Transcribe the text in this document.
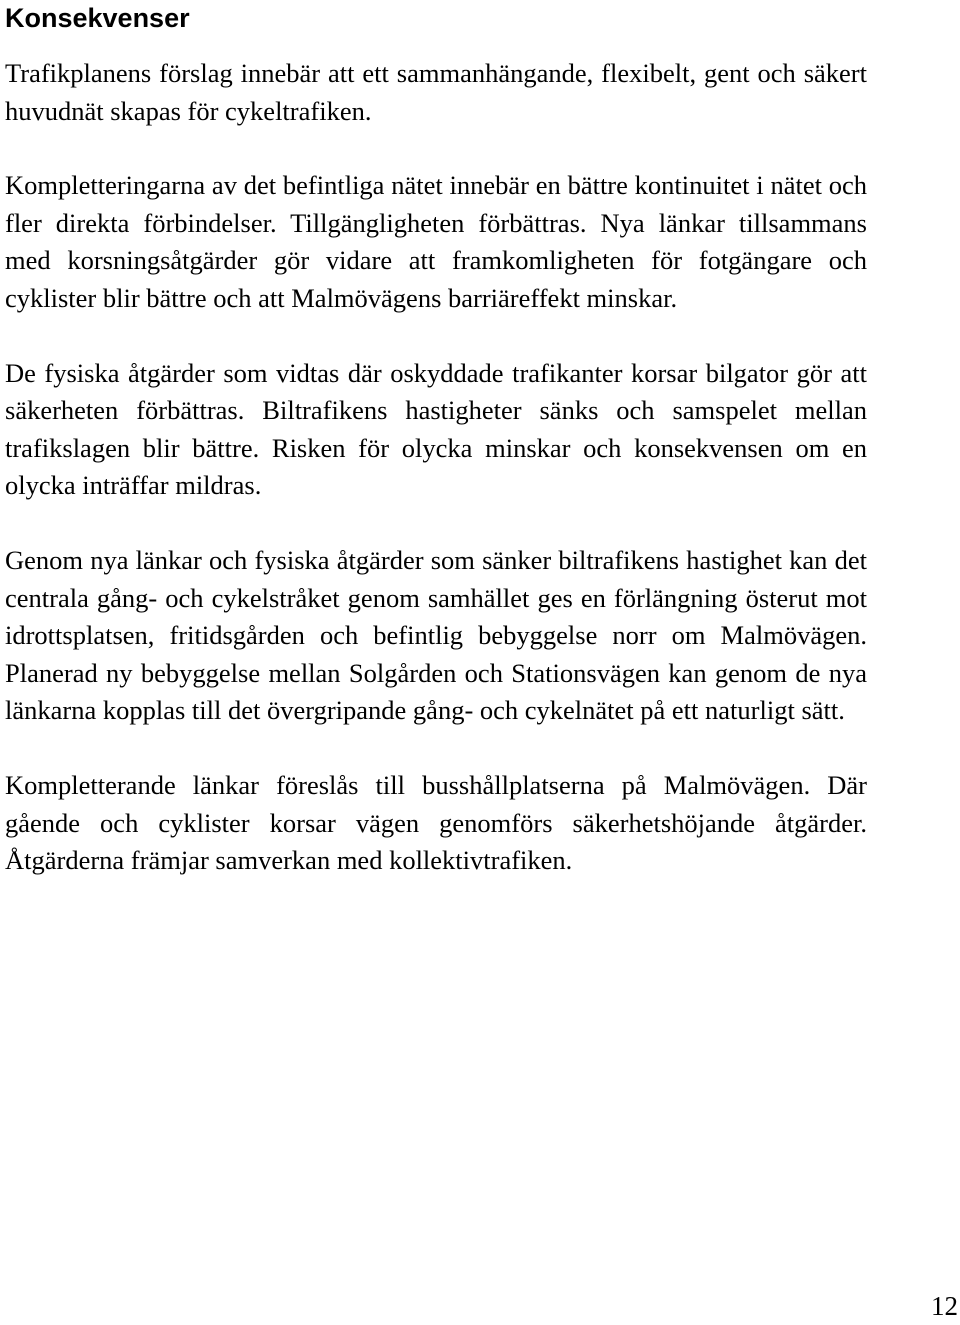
Konsekvenser

Trafikplanens förslag innebär att ett sammanhängande, flexibelt, gent och säkert huvudnät skapas för cykeltrafiken.

Kompletteringarna av det befintliga nätet innebär en bättre kontinuitet i nätet och fler direkta förbindelser. Tillgängligheten förbättras. Nya länkar tillsammans med korsningsåtgärder gör vidare att framkomligheten för fotgängare och cyklister blir bättre och att Malmövägens barriäreffekt minskar.

De fysiska åtgärder som vidtas där oskyddade trafikanter korsar bilgator gör att säkerheten förbättras. Biltrafikens hastigheter sänks och samspelet mellan trafikslagen blir bättre. Risken för olycka minskar och konsekvensen om en olycka inträffar mildras.

Genom nya länkar och fysiska åtgärder som sänker biltrafikens hastighet kan det centrala gång- och cykelstråket genom samhället ges en förlängning österut mot idrottsplatsen, fritidsgården och befintlig bebyggelse norr om Malmövägen. Planerad ny bebyggelse mellan Solgården och Stationsvägen kan genom de nya länkarna kopplas till det övergripande gång- och cykelnätet på ett naturligt sätt.

Kompletterande länkar föreslås till busshållplatserna på Malmövägen. Där gående och cyklister korsar vägen genomförs säkerhetshöjande åtgärder. Åtgärderna främjar samverkan med kollektivtrafiken.

12
